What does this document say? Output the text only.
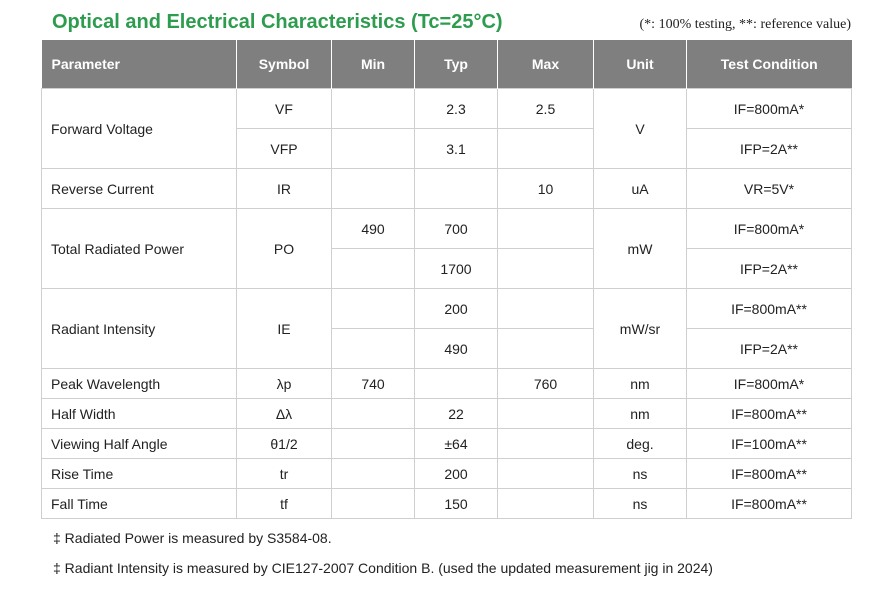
Optical and Electrical Characteristics (Tc=25°C)	(*: 100% testing, **: reference value)
Parameter	Symbol	Min	Typ	Max	Unit	Test Condition
Forward Voltage	VF		2.3	2.5	V	IF=800mA*
	VFP		3.1			IFP=2A**
Reverse Current	IR			10	uA	VR=5V*
Total Radiated Power	PO	490	700		mW	IF=800mA*
			1700			IFP=2A**
Radiant Intensity	IE		200		mW/sr	IF=800mA**
			490			IFP=2A**
Peak Wavelength	λp	740		760	nm	IF=800mA*
Half Width	Δλ		22		nm	IF=800mA**
Viewing Half Angle	θ1/2		±64		deg.	IF=100mA**
Rise Time	tr		200		ns	IF=800mA**
Fall Time	tf		150		ns	IF=800mA**
‡ Radiated Power is measured by S3584-08.
‡ Radiant Intensity is measured by CIE127-2007 Condition B. (used the updated measurement jig in 2024)
